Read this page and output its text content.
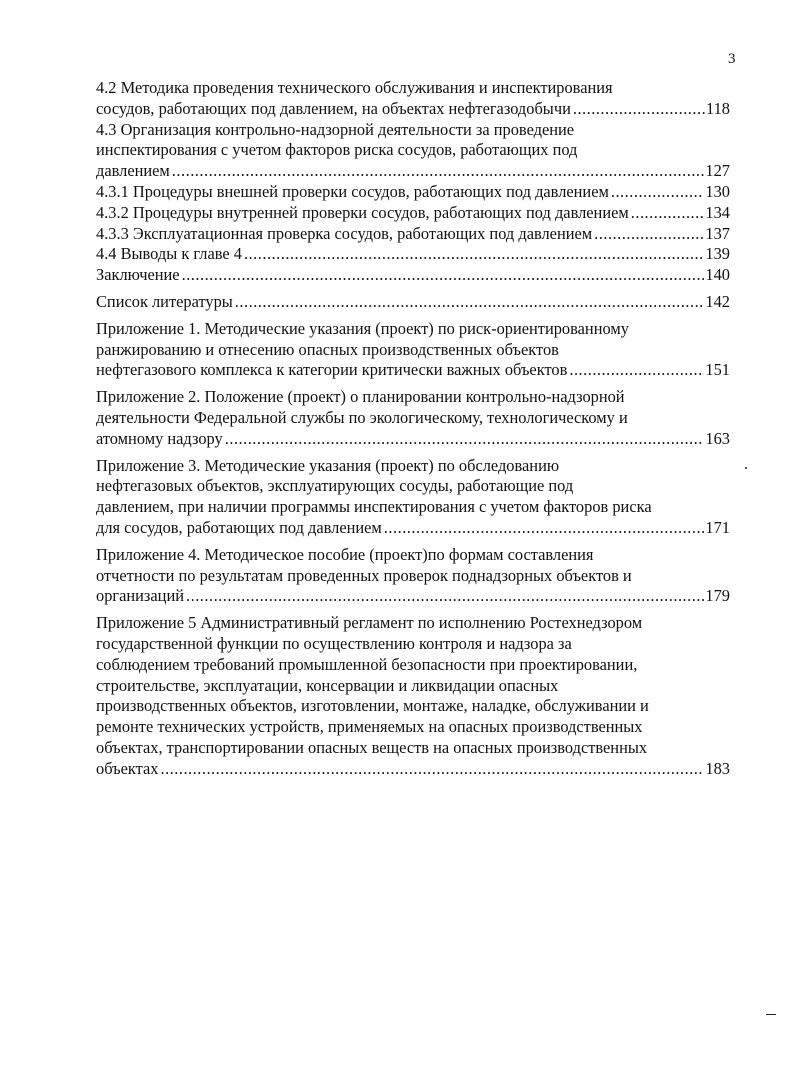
3
4.2 Методика проведения технического обслуживания и инспектирования
сосудов, работающих под давлением, на объектах нефтегазодобычи .....	118
4.3 Организация контрольно-надзорной деятельности за проведение
инспектирования с учетом факторов риска сосудов, работающих под
давлением .....	127
4.3.1 Процедуры внешней проверки сосудов, работающих под давлением .....	130
4.3.2 Процедуры внутренней проверки сосудов, работающих под давлением .....	134
4.3.3 Эксплуатационная проверка сосудов, работающих под давлением .....	137
4.4 Выводы к главе 4 .....	139
Заключение .....	140
Список литературы .....	142
Приложение 1. Методические указания (проект) по риск-ориентированному
ранжированию и отнесению опасных производственных объектов
нефтегазового комплекса к категории критически важных объектов .....	151
Приложение 2. Положение (проект) о планировании контрольно-надзорной
деятельности Федеральной службы по экологическому, технологическому и
атомному надзору .....	163
Приложение 3. Методические указания (проект) по обследованию
нефтегазовых объектов, эксплуатирующих сосуды, работающие под
давлением, при наличии программы инспектирования с учетом факторов риска
для сосудов, работающих под давлением .....	171
Приложение 4. Методическое пособие (проект)по формам составления
отчетности по результатам проведенных проверок поднадзорных объектов и
организаций .....	179
Приложение 5 Административный регламент по исполнению Ростехнедзором
государственной функции по осуществлению контроля и надзора за
соблюдением требований промышленной безопасности при проектировании,
строительстве, эксплуатации, консервации и ликвидации опасных
производственных объектов, изготовлении, монтаже, наладке, обслуживании и
ремонте технических устройств, применяемых на опасных производственных
объектах, транспортировании опасных веществ на опасных производственных
объектах .....	183
